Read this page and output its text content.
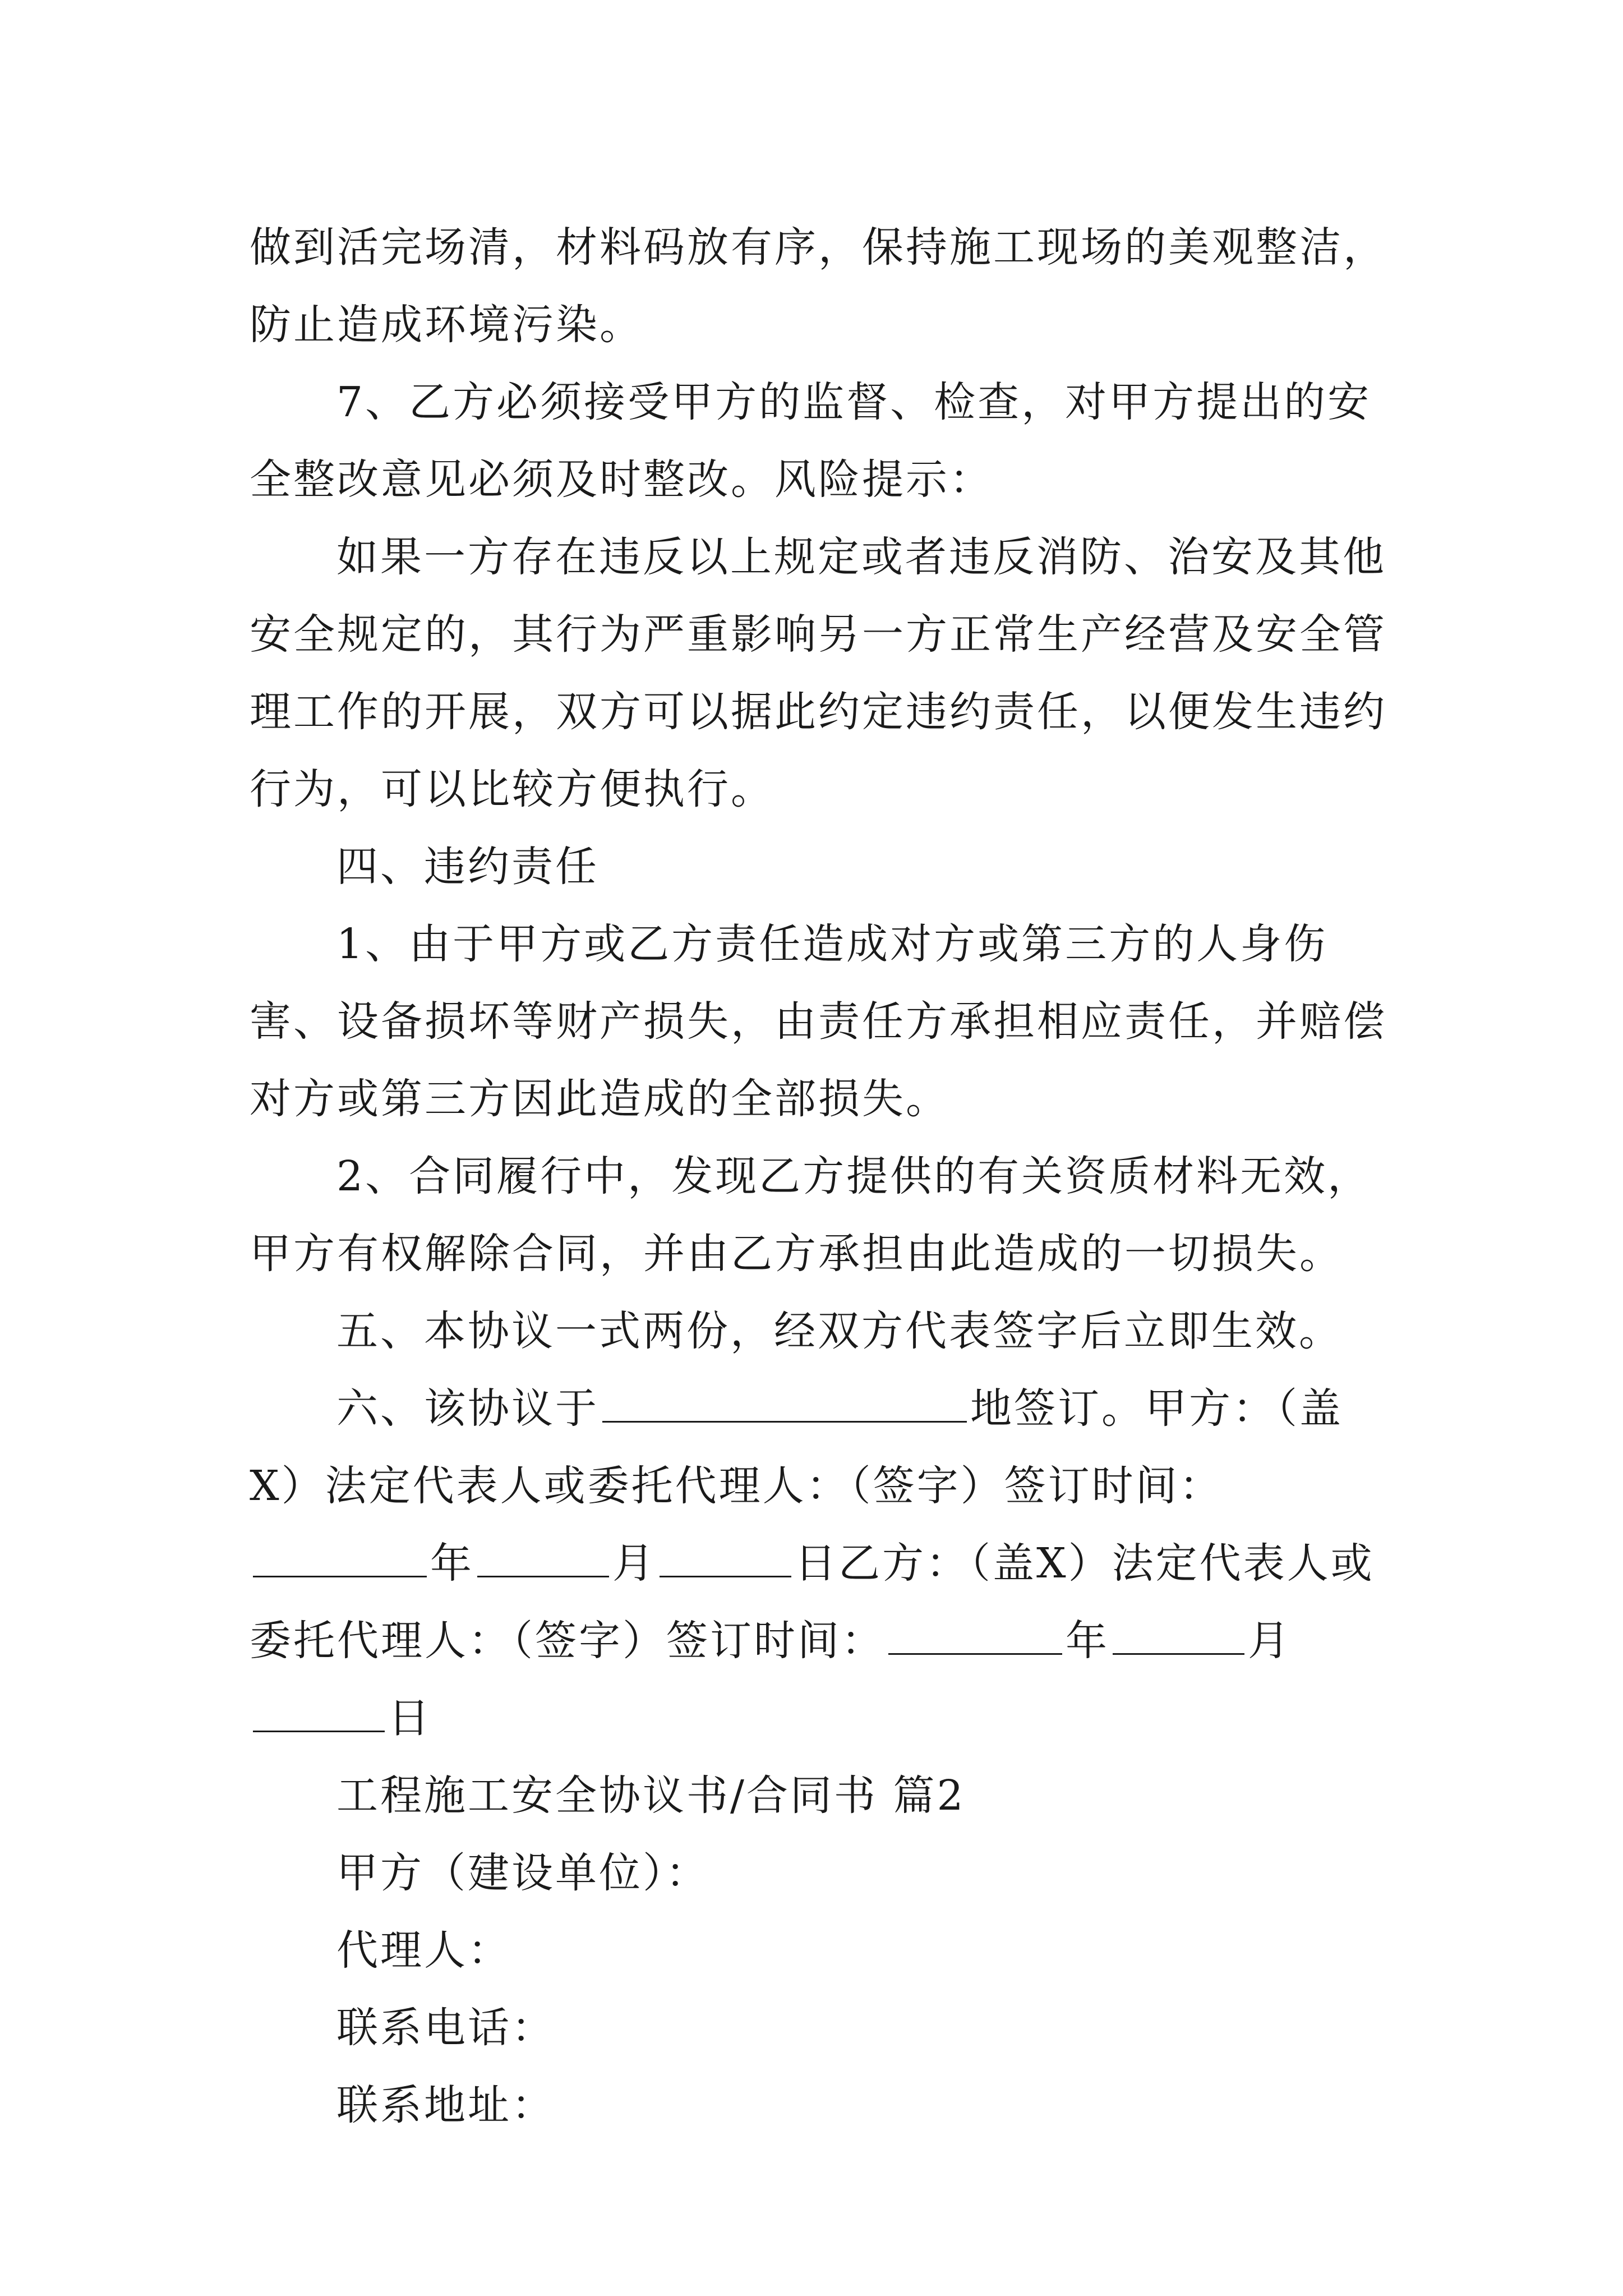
做到活完场清，材料码放有序，保持施工现场的美观整洁，防止造成环境污染。

7、乙方必须接受甲方的监督、检查，对甲方提出的安全整改意见必须及时整改。风险提示：

如果一方存在违反以上规定或者违反消防、治安及其他安全规定的，其行为严重影响另一方正常生产经营及安全管理工作的开展，双方可以据此约定违约责任，以便发生违约行为，可以比较方便执行。

四、违约责任

1、由于甲方或乙方责任造成对方或第三方的人身伤害、设备损坏等财产损失，由责任方承担相应责任，并赔偿对方或第三方因此造成的全部损失。

2、合同履行中，发现乙方提供的有关资质材料无效，甲方有权解除合同，并由乙方承担由此造成的一切损失。

五、本协议一式两份，经双方代表签字后立即生效。

六、该协议于	地签订。甲方：（盖X）法定代表人或委托代理人：（签字）签订时间：年	月	日乙方：（盖X）法定代表人或委托代理人：（签字）签订时间：	年	月日

工程施工安全协议书/合同书 篇2

甲方（建设单位）：

代理人：

联系电话：

联系地址：
